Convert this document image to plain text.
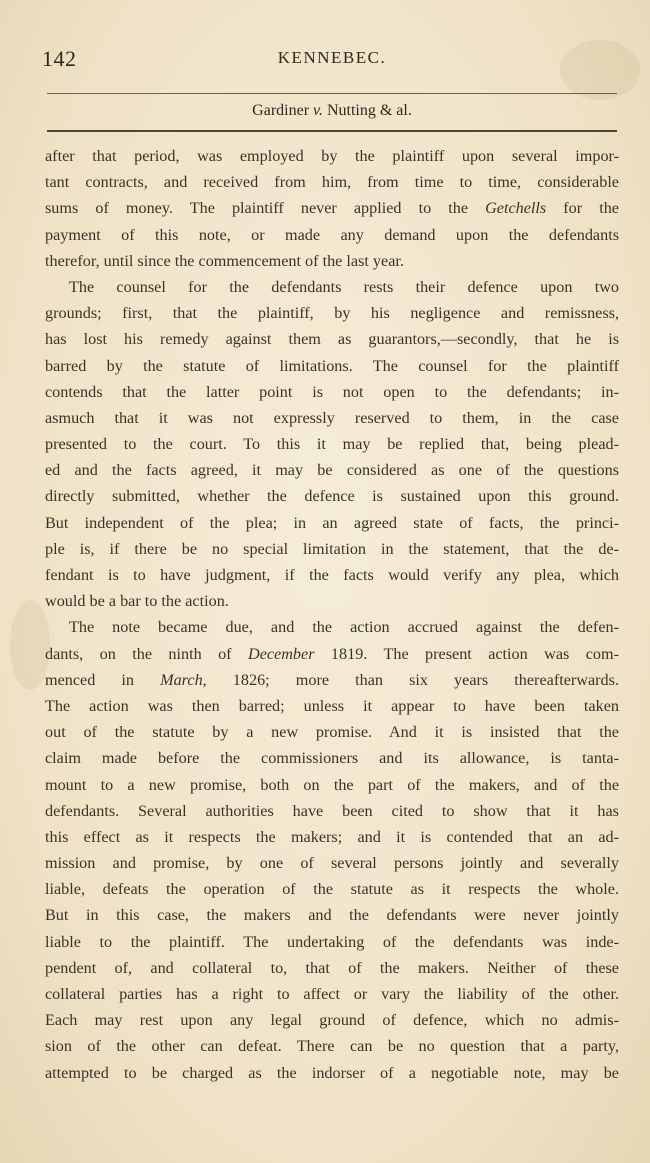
142	KENNEBEC.
Gardiner v. Nutting & al.
after that period, was employed by the plaintiff upon several impor-
tant contracts, and received from him, from time to time, considerable
sums of money. The plaintiff never applied to the Getchells for the
payment of this note, or made any demand upon the defendants
therefor, until since the commencement of the last year.
The counsel for the defendants rests their defence upon two
grounds; first, that the plaintiff, by his negligence and remissness,
has lost his remedy against them as guarantors,—secondly, that he is
barred by the statute of limitations. The counsel for the plaintiff
contends that the latter point is not open to the defendants; in-
asmuch that it was not expressly reserved to them, in the case
presented to the court. To this it may be replied that, being plead-
ed and the facts agreed, it may be considered as one of the questions
directly submitted, whether the defence is sustained upon this ground.
But independent of the plea; in an agreed state of facts, the princi-
ple is, if there be no special limitation in the statement, that the de-
fendant is to have judgment, if the facts would verify any plea, which
would be a bar to the action.
The note became due, and the action accrued against the defen-
dants, on the ninth of December 1819. The present action was com-
menced in March, 1826; more than six years thereafterwards.
The action was then barred; unless it appear to have been taken
out of the statute by a new promise. And it is insisted that the
claim made before the commissioners and its allowance, is tanta-
mount to a new promise, both on the part of the makers, and of the
defendants. Several authorities have been cited to show that it has
this effect as it respects the makers; and it is contended that an ad-
mission and promise, by one of several persons jointly and severally
liable, defeats the operation of the statute as it respects the whole.
But in this case, the makers and the defendants were never jointly
liable to the plaintiff. The undertaking of the defendants was inde-
pendent of, and collateral to, that of the makers. Neither of these
collateral parties has a right to affect or vary the liability of the other.
Each may rest upon any legal ground of defence, which no admis-
sion of the other can defeat. There can be no question that a party,
attempted to be charged as the indorser of a negotiable note, may be
